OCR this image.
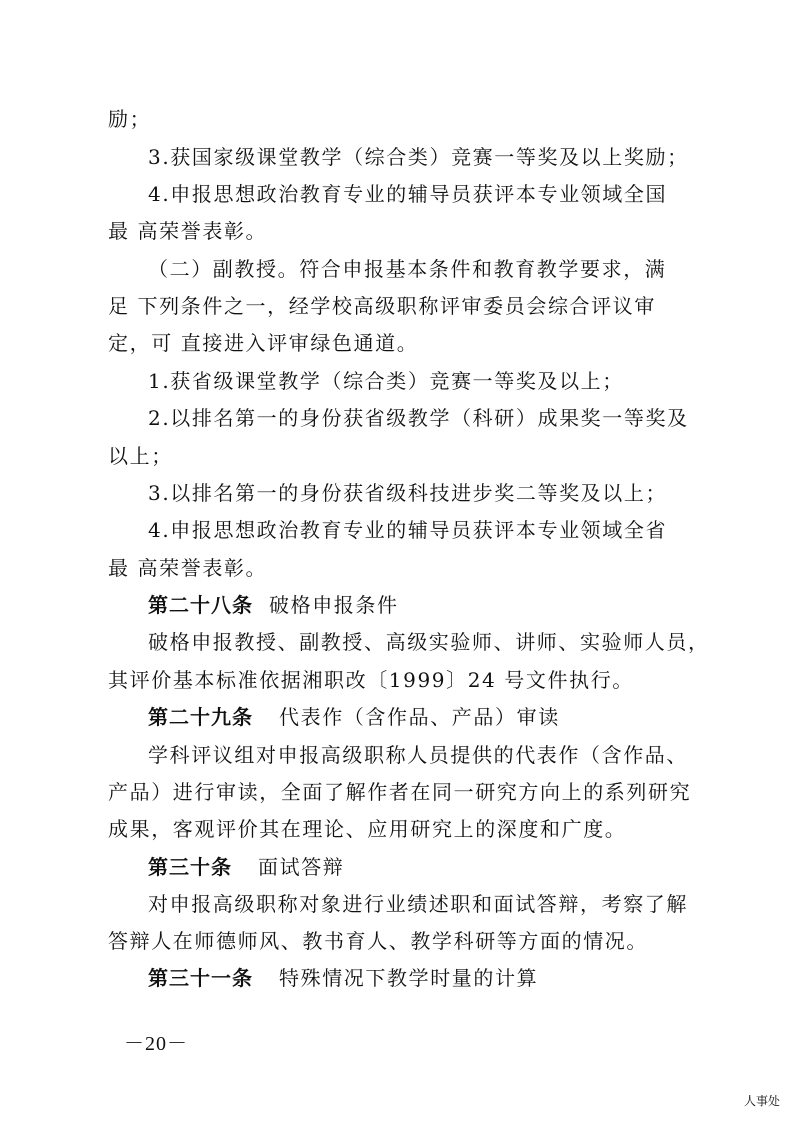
励；
3.获国家级课堂教学（综合类）竞赛一等奖及以上奖励；
4.申报思想政治教育专业的辅导员获评本专业领域全国
最 高荣誉表彰。
（二）副教授。符合申报基本条件和教育教学要求，满
足 下列条件之一，经学校高级职称评审委员会综合评议审
定，可 直接进入评审绿色通道。
1.获省级课堂教学（综合类）竞赛一等奖及以上；
2.以排名第一的身份获省级教学（科研）成果奖一等奖及
以上；
3.以排名第一的身份获省级科技进步奖二等奖及以上；
4.申报思想政治教育专业的辅导员获评本专业领域全省
最 高荣誉表彰。
第二十八条 破格申报条件
破格申报教授、副教授、高级实验师、讲师、实验师人员，
其评价基本标准依据湘职改〔1999〕24 号文件执行。
第二十九条 代表作（含作品、产品）审读
学科评议组对申报高级职称人员提供的代表作（含作品、
产品）进行审读，全面了解作者在同一研究方向上的系列研究
成果，客观评价其在理论、应用研究上的深度和广度。
第三十条 面试答辩
对申报高级职称对象进行业绩述职和面试答辩，考察了解
答辩人在师德师风、教书育人、教学科研等方面的情况。
第三十一条 特殊情况下教学时量的计算
－20－
人事处
